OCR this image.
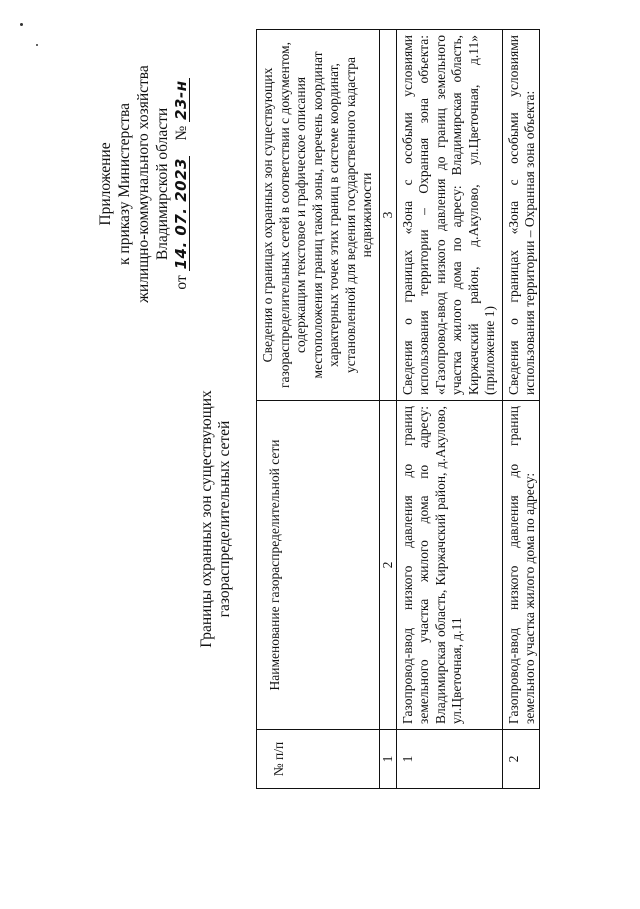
Приложение к приказу Министерства жилищно-коммунального хозяйства Владимирской области
от 14. 07. 2023    № 23-н
Границы охранных зон существующих газораспределительных сетей
№ п/п	Наименование газораспределительной сети	Сведения о границах охранных зон существующих газораспределительных сетей в соответствии с документом, содержащим текстовое и графическое описания местоположения границ такой зоны, перечень координат характерных точек этих границ в системе координат, установленной для ведения государственного кадастра недвижимости
1	2	3
1	Газопровод-ввод низкого давления до границ земельного участка жилого дома по адресу: Владимирская область, Киржачский район, д.Акулово, ул.Цветочная, д.11	Сведения о границах «Зона с особыми условиями использования территории – Охранная зона объекта: «Газопровод-ввод низкого давления до границ земельного участка жилого дома по адресу: Владимирская область, Киржачский район, д.Акулово, ул.Цветочная, д.11» (приложение 1)
2	Газопровод-ввод низкого давления до границ земельного участка жилого дома по адресу:	Сведения о границах «Зона с особыми условиями использования территории – Охранная зона объекта:
